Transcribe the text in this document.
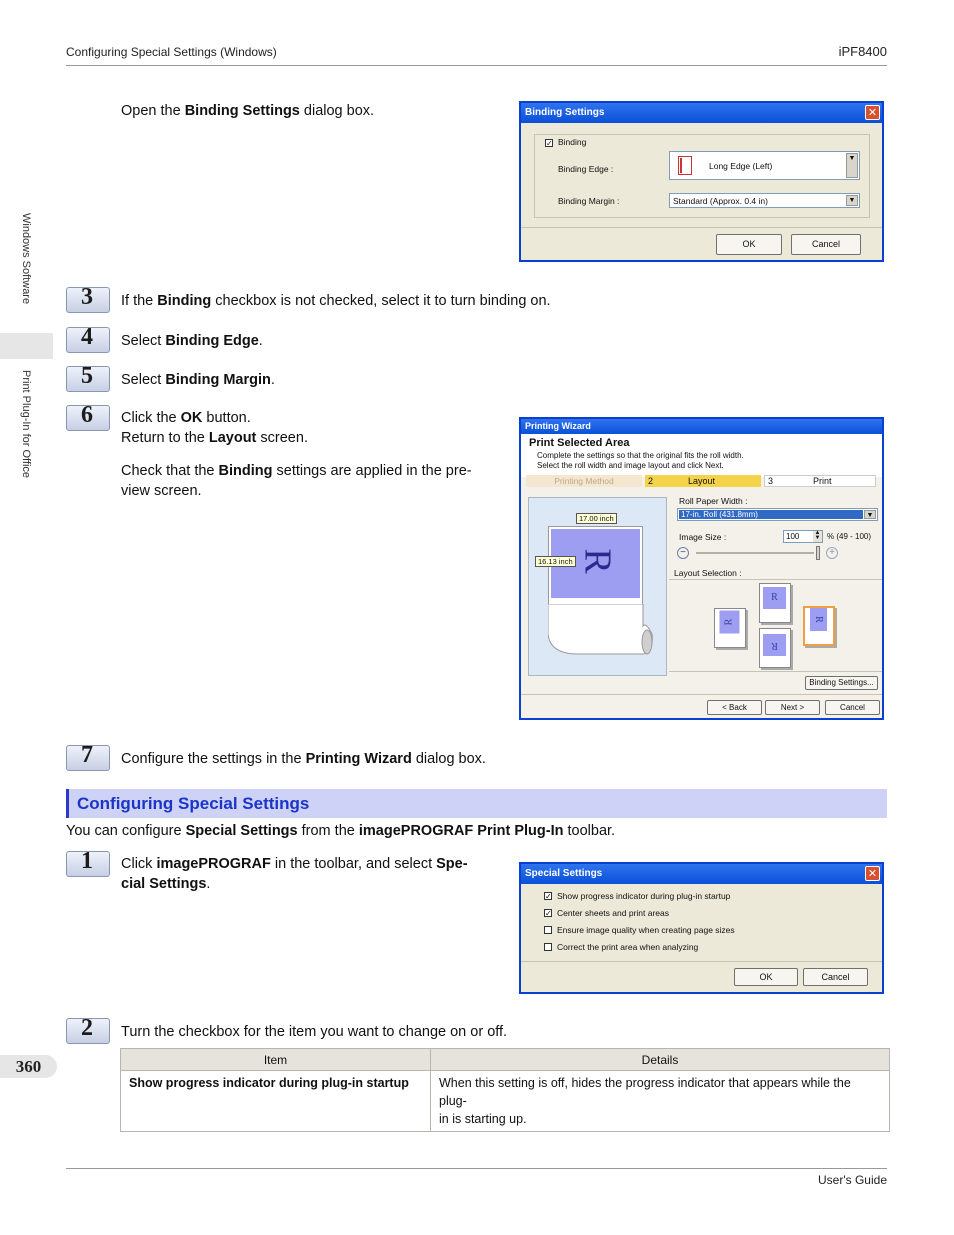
Configuring Special Settings (Windows)	iPF8400
Windows Software
Print Plug-In for Office
Open the Binding Settings dialog box.	Binding Settings	✕
✓ Binding
Binding Edge :	Long Edge (Left)
▼
Binding Margin :	Standard (Approx. 0.4 in)	▼
OK	Cancel
3 If the Binding checkbox is not checked, select it to turn binding on.
4 Select Binding Edge.
5 Select Binding Margin.
6 Click the OK button.
Return to the Layout screen.
Check that the Binding settings are applied in the pre-
view screen.
Printing Wizard
Print Selected Area
Complete the settings so that the original fits the roll width.
Select the roll width and image layout and click Next.
Printing Method	2	Layout	3	Print
R
17.00 inch
16.13 inch
Roll Paper Width :
17-in. Roll (431.8mm)	▼
Image Size :	100	▲
▼ % (49 - 100)
−	+
Layout Selection :
R
R
R
R
Binding Settings...
< Back	Next >	Cancel
7 Configure the settings in the Printing Wizard dialog box.
Configuring Special Settings
You can configure Special Settings from the imagePROGRAF Print Plug-In toolbar.
1 Click imagePROGRAF in the toolbar, and select Spe-
cial Settings.
Special Settings	✕
✓ Show progress indicator during plug-in startup
✓ Center sheets and print areas
Ensure image quality when creating page sizes
Correct the print area when analyzing
OK	Cancel
2 Turn the checkbox for the item you want to change on or off.
Item	Details
Show progress indicator during plug-in startup	When this setting is off, hides the progress indicator that appears while the plug-
in is starting up.
360
User's Guide
